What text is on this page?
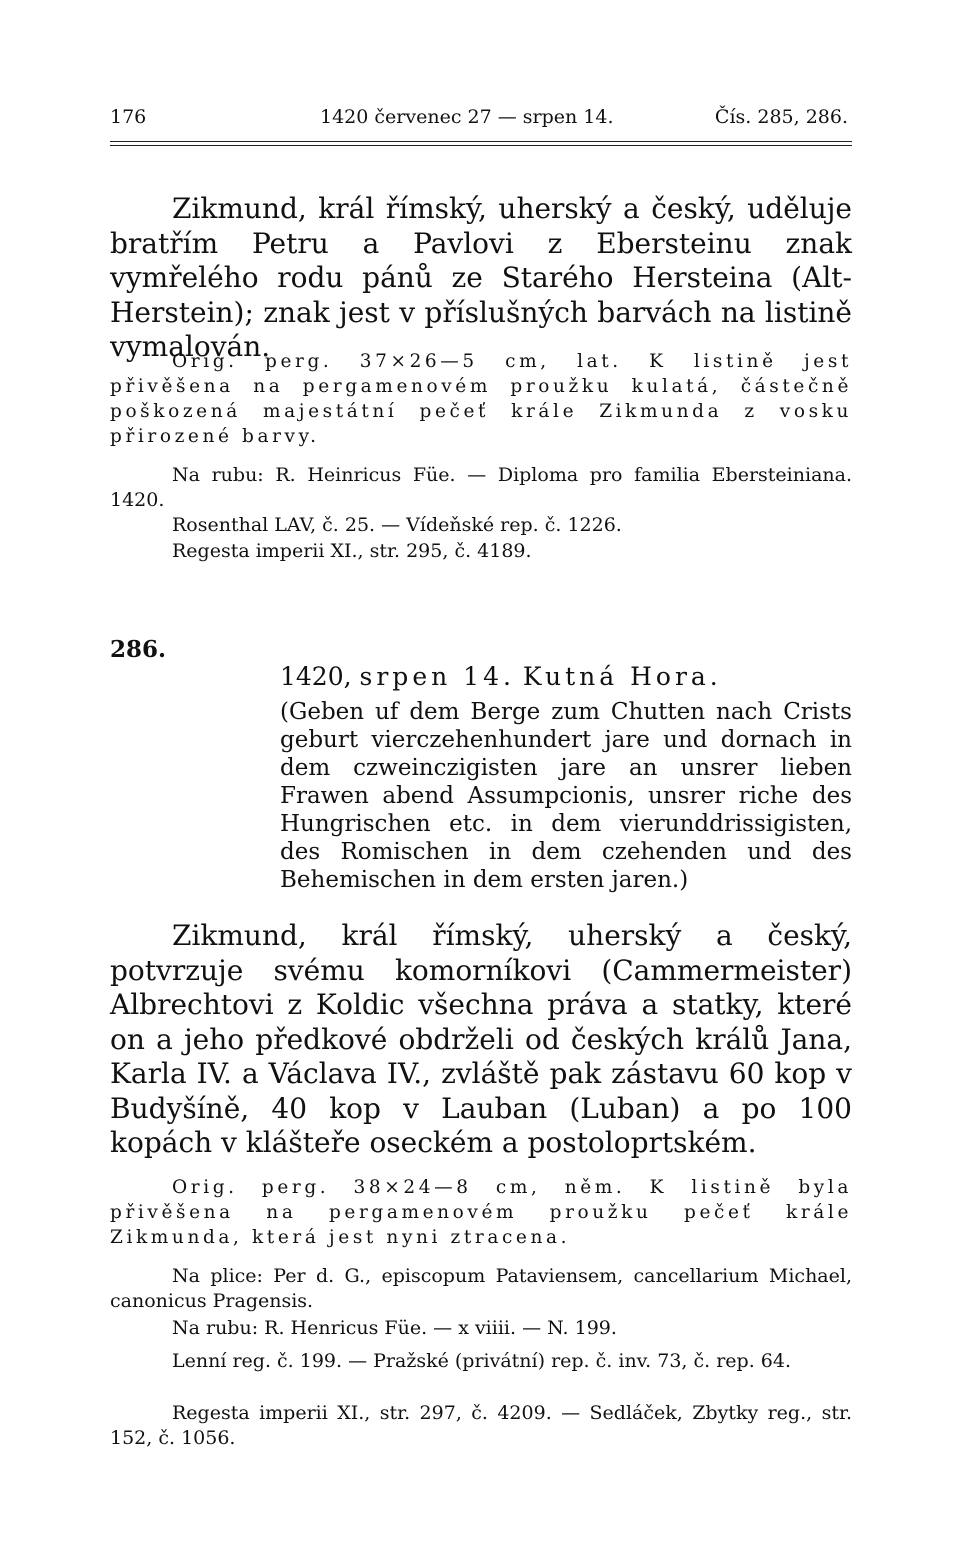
176	1420 červenec 27 — srpen 14.	Čís. 285, 286.

Zikmund, král římský, uherský a český, uděluje bratřím Petru a Pavlovi z Ebersteinu znak vymřelého rodu pánů ze Starého Hersteina (Alt-Herstein); znak jest v příslušných barvách na listině vymalován.

Orig. perg. 37×26—5 cm, lat. K listině jest přivěšena na pergamenovém proužku kulatá, částečně poškozená majestátní pečeť krále Zikmunda z vosku přirozené barvy.

Na rubu: R. Heinricus Füe. — Diploma pro familia Ebersteiniana. 1420.

Rosenthal LAV, č. 25. — Vídeňské rep. č. 1226.

Regesta imperii XI., str. 295, č. 4189.

286.

1420, srpen 14. Kutná Hora.

(Geben uf dem Berge zum Chutten nach Crists geburt vierczehenhundert jare und dornach in dem czweinczigisten jare an unsrer lieben Frawen abend Assumpcionis, unsrer riche des Hungrischen etc. in dem vierunddrissigisten, des Romischen in dem czehenden und des Behemischen in dem ersten jaren.)

Zikmund, král římský, uherský a český, potvrzuje svému komorníkovi (Cammermeister) Albrechtovi z Koldic všechna práva a statky, které on a jeho předkové obdrželi od českých králů Jana, Karla IV. a Václava IV., zvláště pak zástavu 60 kop v Budyšíně, 40 kop v Lauban (Luban) a po 100 kopách v klášteře oseckém a postoloprtském.

Orig. perg. 38×24—8 cm, něm. K listině byla přivěšena na pergamenovém proužku pečeť krále Zikmunda, která jest nyni ztracena.

Na plice: Per d. G., episcopum Pataviensem, cancellarium Michael, canonicus Pragensis.

Na rubu: R. Henricus Füe. — x viiii. — N. 199.

Lenní reg. č. 199. — Pražské (privátní) rep. č. inv. 73, č. rep. 64.

Regesta imperii XI., str. 297, č. 4209. — Sedláček, Zbytky reg., str. 152, č. 1056.
